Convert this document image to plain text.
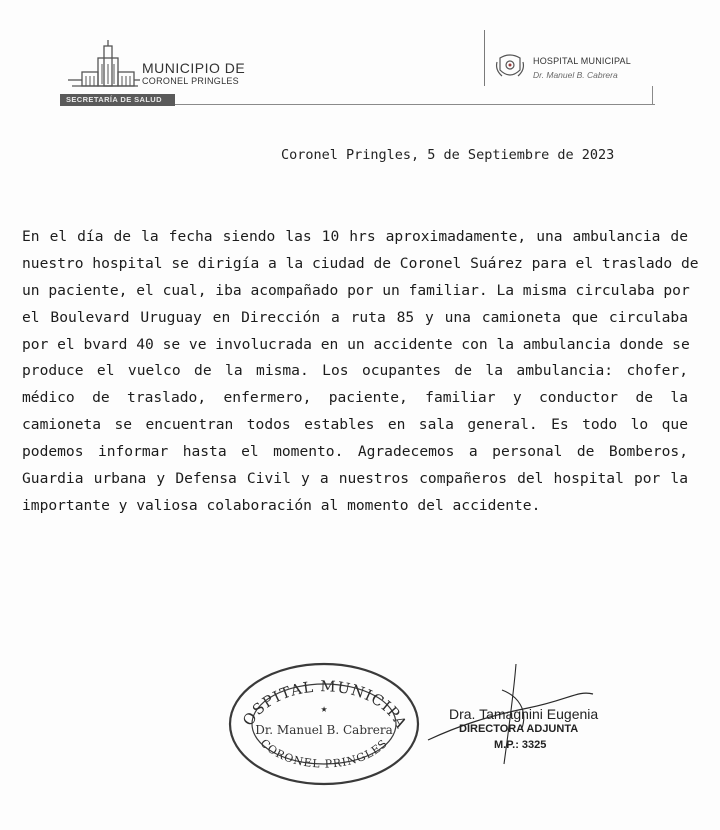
MUNICIPIO DE
CORONEL PRINGLES
SECRETARÍA DE SALUD
HOSPITAL MUNICIPAL
Dr. Manuel B. Cabrera
Coronel Pringles, 5 de Septiembre de 2023
En el día de la fecha siendo las 10 hrs aproximadamente, una ambulancia de
nuestro hospital se dirigía a la ciudad de Coronel Suárez para el traslado de
un paciente, el cual, iba acompañado por un familiar. La misma circulaba por
el Boulevard Uruguay en Dirección a ruta 85 y una camioneta que circulaba
por el bvard 40 se ve involucrada en un accidente con la ambulancia donde se
produce el vuelco de la misma. Los ocupantes de la ambulancia: chofer,
médico de traslado, enfermero, paciente, familiar y conductor de la
camioneta se encuentran todos estables en sala general. Es todo lo que
podemos informar hasta el momento. Agradecemos a personal de Bomberos,
Guardia urbana y Defensa Civil y a nuestros compañeros del hospital por la
importante y valiosa colaboración al momento del accidente.
OSPITAL MUNICIPA
★
Dr. Manuel B. Cabrera
CORONEL PRINGLES
Dra. Tamagnini Eugenia
DIRECTORA ADJUNTA
M.P.: 3325
